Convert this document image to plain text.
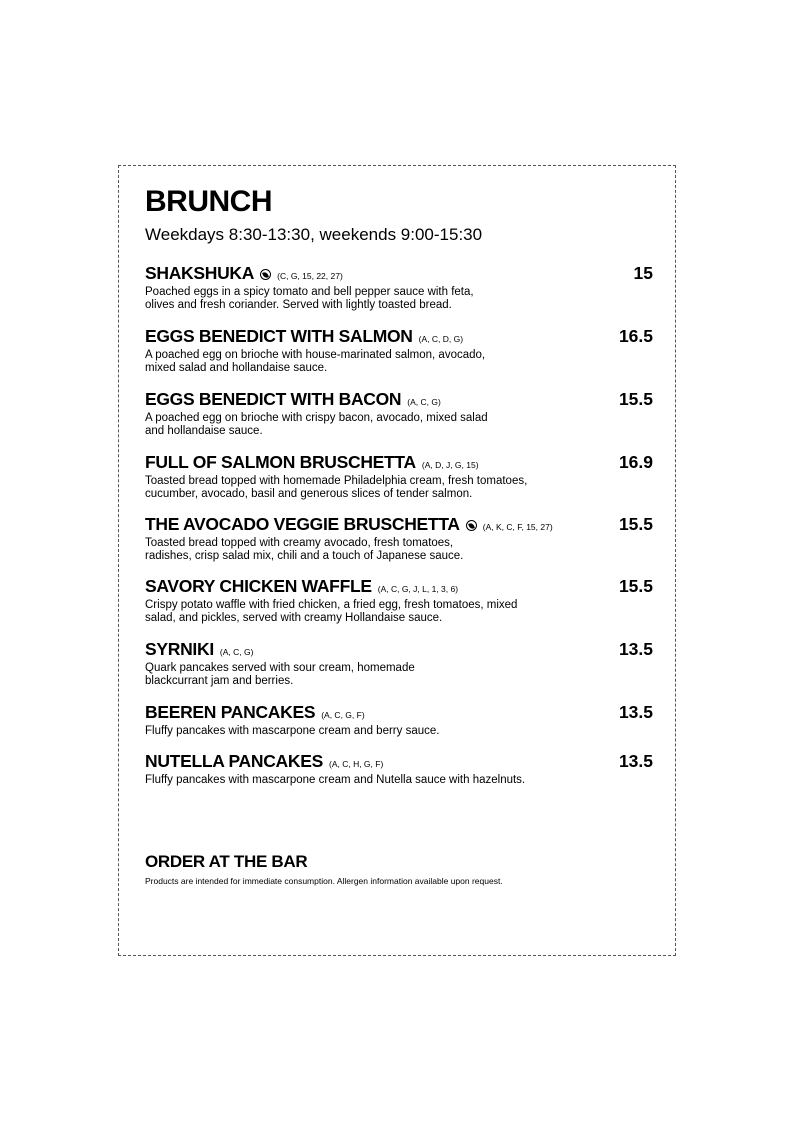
BRUNCH

Weekdays 8:30-13:30, weekends 9:00-15:30

SHAKSHUKA	(C, G, 15, 22, 27)	15

Poached eggs in a spicy tomato and bell pepper sauce with feta,
olives and fresh coriander. Served with lightly toasted bread.

EGGS BENEDICT WITH SALMON (A, C, D, G)	16.5

A poached egg on brioche with house-marinated salmon, avocado,
mixed salad and hollandaise sauce.

EGGS BENEDICT WITH BACON (A, C, G)	15.5

A poached egg on brioche with crispy bacon, avocado, mixed salad
and hollandaise sauce.

FULL OF SALMON BRUSCHETTA (A, D, J, G, 15)	16.9

Toasted bread topped with homemade Philadelphia cream, fresh tomatoes,
cucumber, avocado, basil and generous slices of tender salmon.

THE AVOCADO VEGGIE BRUSCHETTA	(A, K, C, F, 15, 27)	15.5

Toasted bread topped with creamy avocado, fresh tomatoes,
radishes, crisp salad mix, chili and a touch of Japanese sauce.

SAVORY CHICKEN WAFFLE (A, C, G, J, L, 1, 3, 6)	15.5

Crispy potato waffle with fried chicken, a fried egg, fresh tomatoes, mixed
salad, and pickles, served with creamy Hollandaise sauce.

SYRNIKI (A, C, G)	13.5

Quark pancakes served with sour cream, homemade
blackcurrant jam and berries.

BEEREN PANCAKES (A, C, G, F)	13.5

Fluffy pancakes with mascarpone cream and berry sauce.

NUTELLA PANCAKES (A, C, H, G, F)	13.5

Fluffy pancakes with mascarpone cream and Nutella sauce with hazelnuts.

ORDER AT THE BAR

Products are intended for immediate consumption. Allergen information available upon request.
